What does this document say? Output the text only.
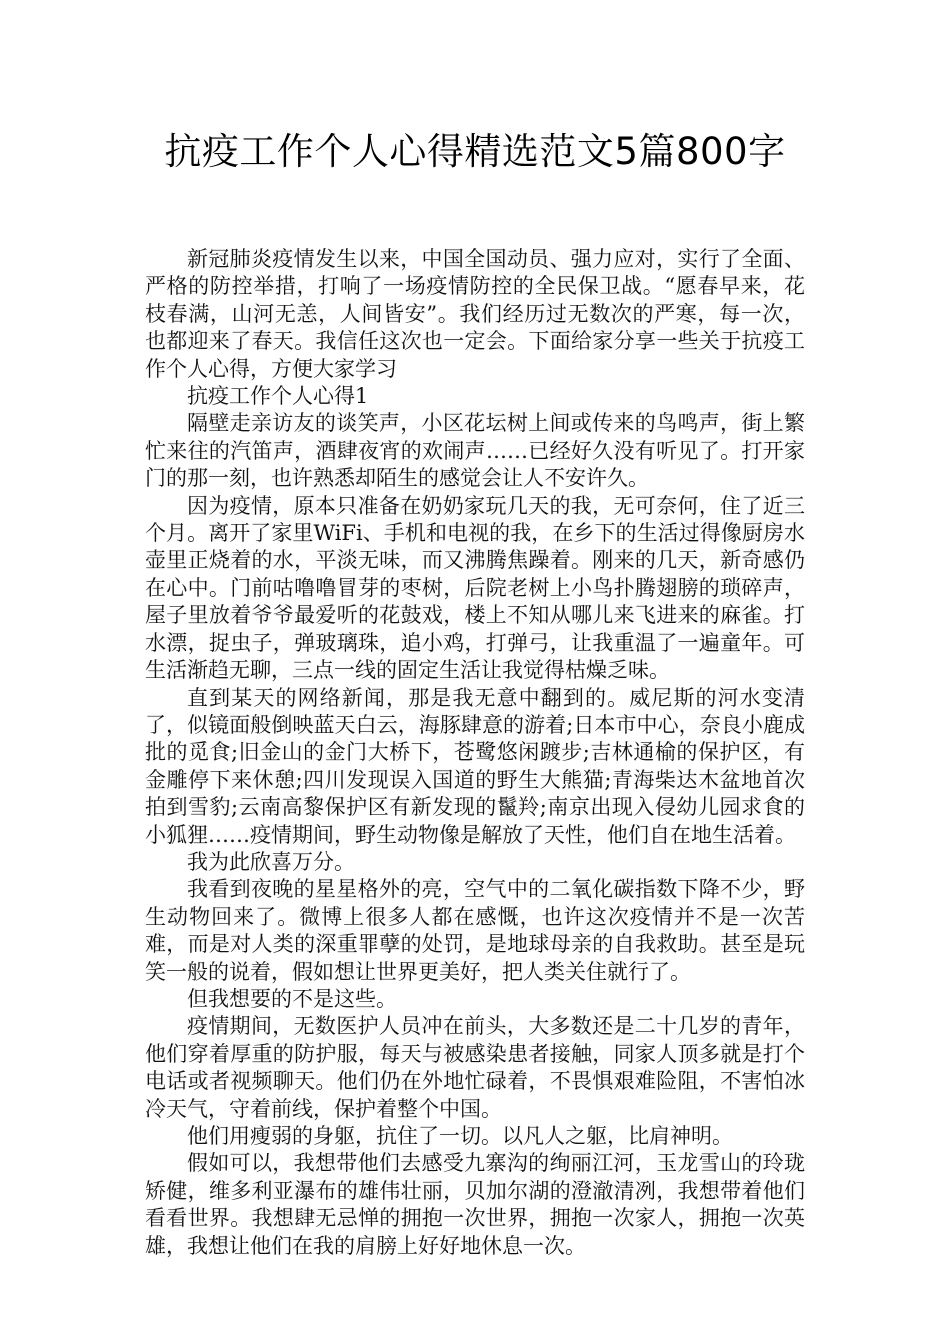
抗疫工作个人心得精选范文5篇800字

新冠肺炎疫情发生以来，中国全国动员、强力应对，实行了全面、严格的防控举措，打响了一场疫情防控的全民保卫战。“愿春早来，花枝春满，山河无恙，人间皆安”。我们经历过无数次的严寒，每一次，也都迎来了春天。我信任这次也一定会。下面给家分享一些关于抗疫工作个人心得，方便大家学习

抗疫工作个人心得1

隔壁走亲访友的谈笑声，小区花坛树上间或传来的鸟鸣声，街上繁忙来往的汽笛声，酒肆夜宵的欢闹声……已经好久没有听见了。打开家门的那一刻，也许熟悉却陌生的感觉会让人不安许久。

因为疫情，原本只准备在奶奶家玩几天的我，无可奈何，住了近三个月。离开了家里WiFi、手机和电视的我，在乡下的生活过得像厨房水壶里正烧着的水，平淡无味，而又沸腾焦躁着。刚来的几天，新奇感仍在心中。门前咕噜噜冒芽的枣树，后院老树上小鸟扑腾翅膀的琐碎声，屋子里放着爷爷最爱听的花鼓戏，楼上不知从哪儿来飞进来的麻雀。打水漂，捉虫子，弹玻璃珠，追小鸡，打弹弓，让我重温了一遍童年。可生活渐趋无聊，三点一线的固定生活让我觉得枯燥乏味。

直到某天的网络新闻，那是我无意中翻到的。威尼斯的河水变清了，似镜面般倒映蓝天白云，海豚肆意的游着;日本市中心，奈良小鹿成批的觅食;旧金山的金门大桥下，苍鹭悠闲踱步;吉林通榆的保护区，有金雕停下来休憩;四川发现误入国道的野生大熊猫;青海柴达木盆地首次拍到雪豹;云南高黎保护区有新发现的鬣羚;南京出现入侵幼儿园求食的小狐狸……疫情期间，野生动物像是解放了天性，他们自在地生活着。

我为此欣喜万分。

我看到夜晚的星星格外的亮，空气中的二氧化碳指数下降不少，野生动物回来了。微博上很多人都在感慨，也许这次疫情并不是一次苦难，而是对人类的深重罪孽的处罚，是地球母亲的自我救助。甚至是玩笑一般的说着，假如想让世界更美好，把人类关住就行了。

但我想要的不是这些。

疫情期间，无数医护人员冲在前头，大多数还是二十几岁的青年，他们穿着厚重的防护服，每天与被感染患者接触，同家人顶多就是打个电话或者视频聊天。他们仍在外地忙碌着，不畏惧艰难险阻，不害怕冰冷天气，守着前线，保护着整个中国。

他们用瘦弱的身躯，抗住了一切。以凡人之躯，比肩神明。

假如可以，我想带他们去感受九寨沟的绚丽江河，玉龙雪山的玲珑矫健，维多利亚瀑布的雄伟壮丽，贝加尔湖的澄澈清冽，我想带着他们看看世界。我想肆无忌惮的拥抱一次世界，拥抱一次家人，拥抱一次英雄，我想让他们在我的肩膀上好好地休息一次。
